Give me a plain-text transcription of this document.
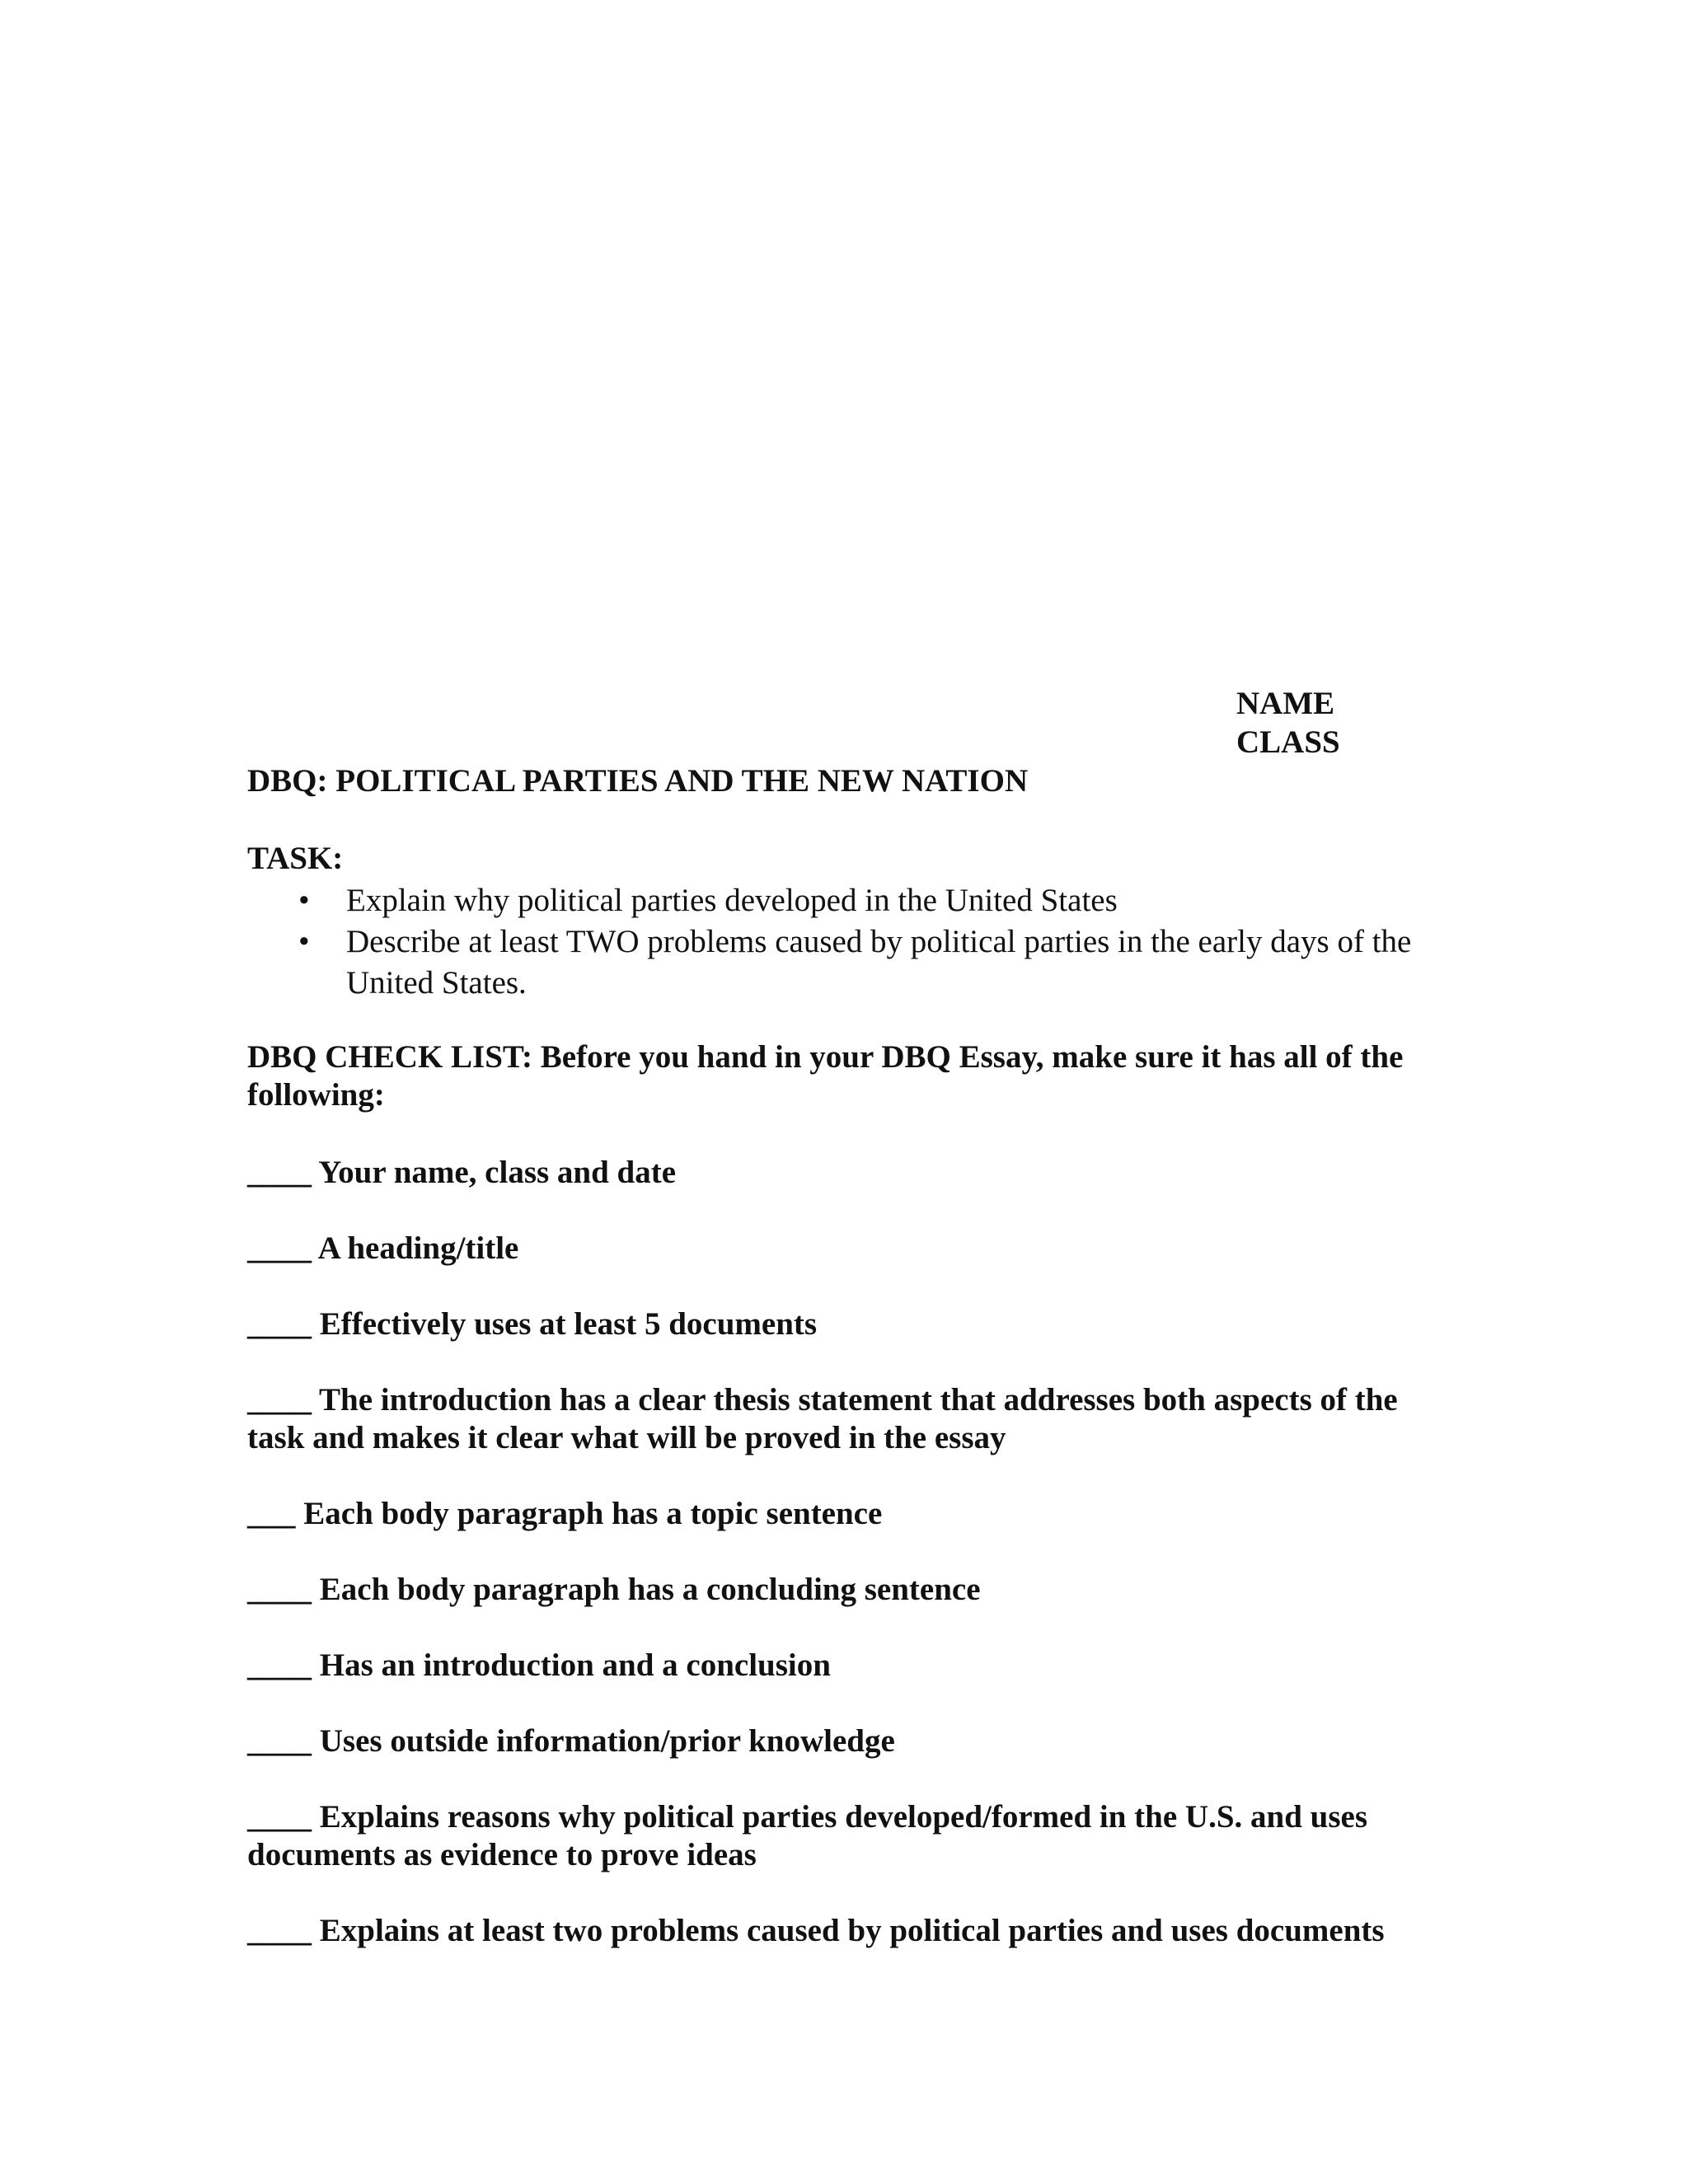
NAME
CLASS
DBQ: POLITICAL PARTIES AND THE NEW NATION
TASK:
• Explain why political parties developed in the United States
• Describe at least TWO problems caused by political parties in the early days of the United States.
DBQ CHECK LIST: Before you hand in your DBQ Essay, make sure it has all of the following:
____ Your name, class and date
____ A heading/title
____ Effectively uses at least 5 documents
____ The introduction has a clear thesis statement that addresses both aspects of the task and makes it clear what will be proved in the essay
___ Each body paragraph has a topic sentence
____ Each body paragraph has a concluding sentence
____ Has an introduction and a conclusion
____ Uses outside information/prior knowledge
____ Explains reasons why political parties developed/formed in the U.S. and uses documents as evidence to prove ideas
____ Explains at least two problems caused by political parties and uses documents
